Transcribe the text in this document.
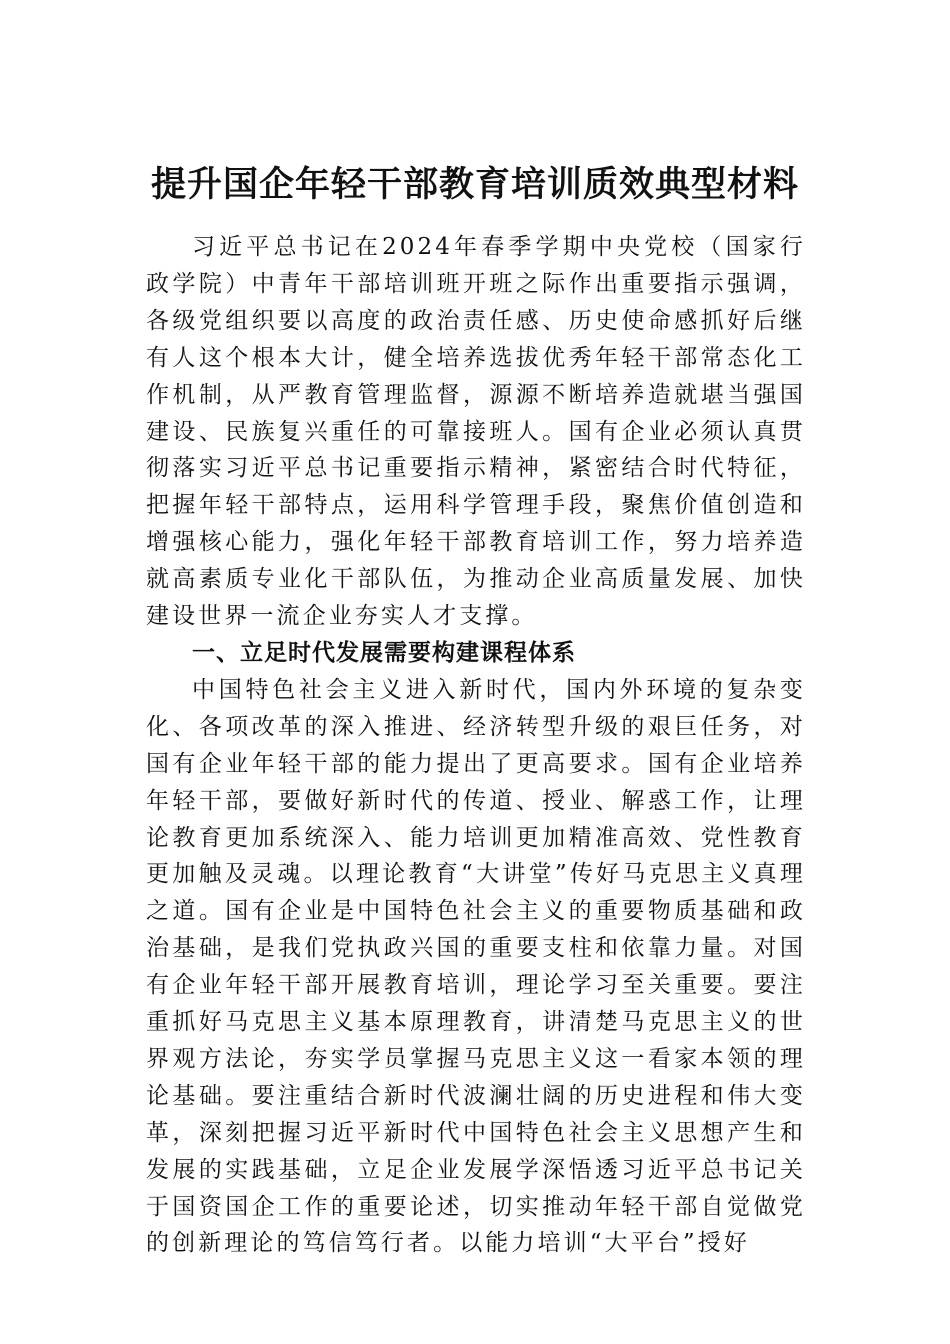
提升国企年轻干部教育培训质效典型材料

习近平总书记在2024年春季学期中央党校（国家行政学院）中青年干部培训班开班之际作出重要指示强调，各级党组织要以高度的政治责任感、历史使命感抓好后继有人这个根本大计，健全培养选拔优秀年轻干部常态化工作机制，从严教育管理监督，源源不断培养造就堪当强国建设、民族复兴重任的可靠接班人。国有企业必须认真贯彻落实习近平总书记重要指示精神，紧密结合时代特征，把握年轻干部特点，运用科学管理手段，聚焦价值创造和增强核心能力，强化年轻干部教育培训工作，努力培养造就高素质专业化干部队伍，为推动企业高质量发展、加快建设世界一流企业夯实人才支撑。

一、立足时代发展需要构建课程体系

中国特色社会主义进入新时代，国内外环境的复杂变化、各项改革的深入推进、经济转型升级的艰巨任务，对国有企业年轻干部的能力提出了更高要求。国有企业培养年轻干部，要做好新时代的传道、授业、解惑工作，让理论教育更加系统深入、能力培训更加精准高效、党性教育更加触及灵魂。以理论教育“大讲堂”传好马克思主义真理之道。国有企业是中国特色社会主义的重要物质基础和政治基础，是我们党执政兴国的重要支柱和依靠力量。对国有企业年轻干部开展教育培训，理论学习至关重要。要注重抓好马克思主义基本原理教育，讲清楚马克思主义的世界观方法论，夯实学员掌握马克思主义这一看家本领的理论基础。要注重结合新时代波澜壮阔的历史进程和伟大变革，深刻把握习近平新时代中国特色社会主义思想产生和发展的实践基础，立足企业发展学深悟透习近平总书记关于国资国企工作的重要论述，切实推动年轻干部自觉做党的创新理论的笃信笃行者。以能力培训“大平台”授好
